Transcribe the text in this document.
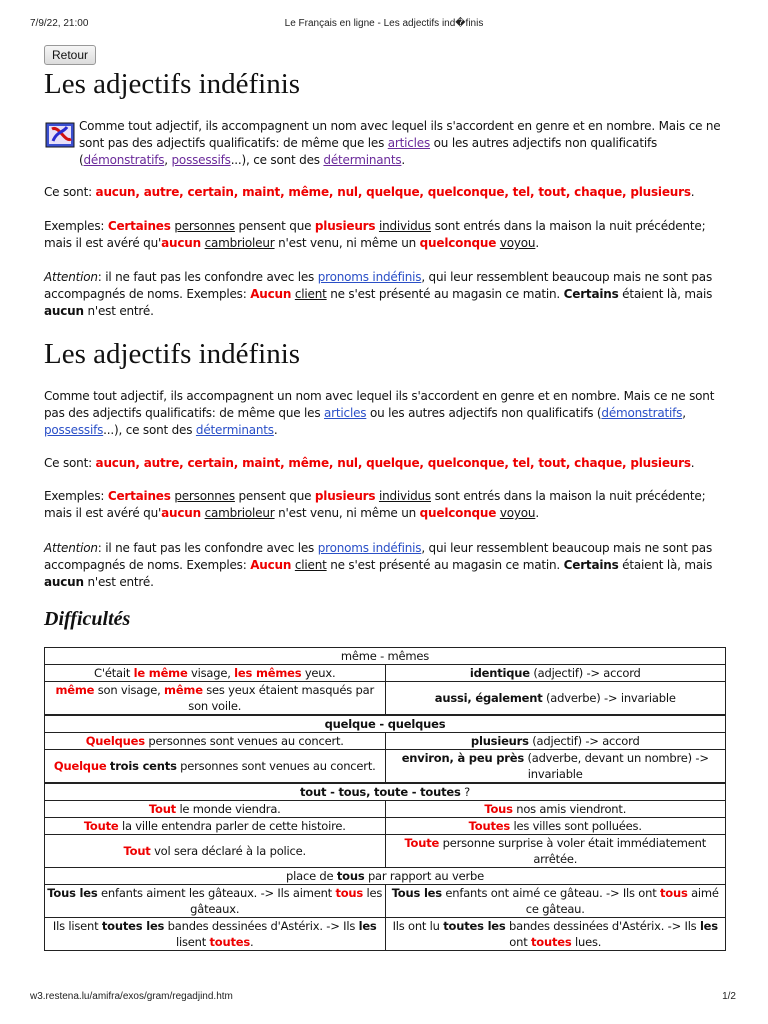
7/9/22, 21:00	Le Français en ligne - Les adjectifs ind�finis
Retour
Les adjectifs indéfinis
Comme tout adjectif, ils accompagnent un nom avec lequel ils s'accordent en genre et en nombre. Mais ce ne sont pas des adjectifs qualificatifs: de même que les articles ou les autres adjectifs non qualificatifs (démonstratifs, possessifs...), ce sont des déterminants.
Ce sont: aucun, autre, certain, maint, même, nul, quelque, quelconque, tel, tout, chaque, plusieurs.
Exemples: Certaines personnes pensent que plusieurs individus sont entrés dans la maison la nuit précédente; mais il est avéré qu'aucun cambrioleur n'est venu, ni même un quelconque voyou.
Attention: il ne faut pas les confondre avec les pronoms indéfinis, qui leur ressemblent beaucoup mais ne sont pas accompagnés de noms. Exemples: Aucun client ne s'est présenté au magasin ce matin. Certains étaient là, mais aucun n'est entré.
Les adjectifs indéfinis
Comme tout adjectif, ils accompagnent un nom avec lequel ils s'accordent en genre et en nombre. Mais ce ne sont pas des adjectifs qualificatifs: de même que les articles ou les autres adjectifs non qualificatifs (démonstratifs, possessifs...), ce sont des déterminants.
Ce sont: aucun, autre, certain, maint, même, nul, quelque, quelconque, tel, tout, chaque, plusieurs.
Exemples: Certaines personnes pensent que plusieurs individus sont entrés dans la maison la nuit précédente; mais il est avéré qu'aucun cambrioleur n'est venu, ni même un quelconque voyou.
Attention: il ne faut pas les confondre avec les pronoms indéfinis, qui leur ressemblent beaucoup mais ne sont pas accompagnés de noms. Exemples: Aucun client ne s'est présenté au magasin ce matin. Certains étaient là, mais aucun n'est entré.
Difficultés
même - mêmes	
C'était le même visage, les mêmes yeux.	identique (adjectif) -> accord
même son visage, même ses yeux étaient masqués par son voile.	aussi, également (adverbe) -> invariable
quelque - quelques	
Quelques personnes sont venues au concert.	plusieurs (adjectif) -> accord
Quelque trois cents personnes sont venues au concert.	environ, à peu près (adverbe, devant un nombre) -> invariable
tout - tous, toute - toutes ?	
Tout le monde viendra.	Tous nos amis viendront.
Toute la ville entendra parler de cette histoire.	Toutes les villes sont polluées.
Tout vol sera déclaré à la police.	Toute personne surprise à voler était immédiatement arrêtée.
place de tous par rapport au verbe	
Tous les enfants aiment les gâteaux. -> Ils aiment tous les gâteaux.	Tous les enfants ont aimé ce gâteau. -> Ils ont tous aimé ce gâteau.
Ils lisent toutes les bandes dessinées d'Astérix. -> Ils les lisent toutes.	Ils ont lu toutes les bandes dessinées d'Astérix. -> Ils les ont toutes lues.
w3.restena.lu/amifra/exos/gram/regadjind.htm	1/2
